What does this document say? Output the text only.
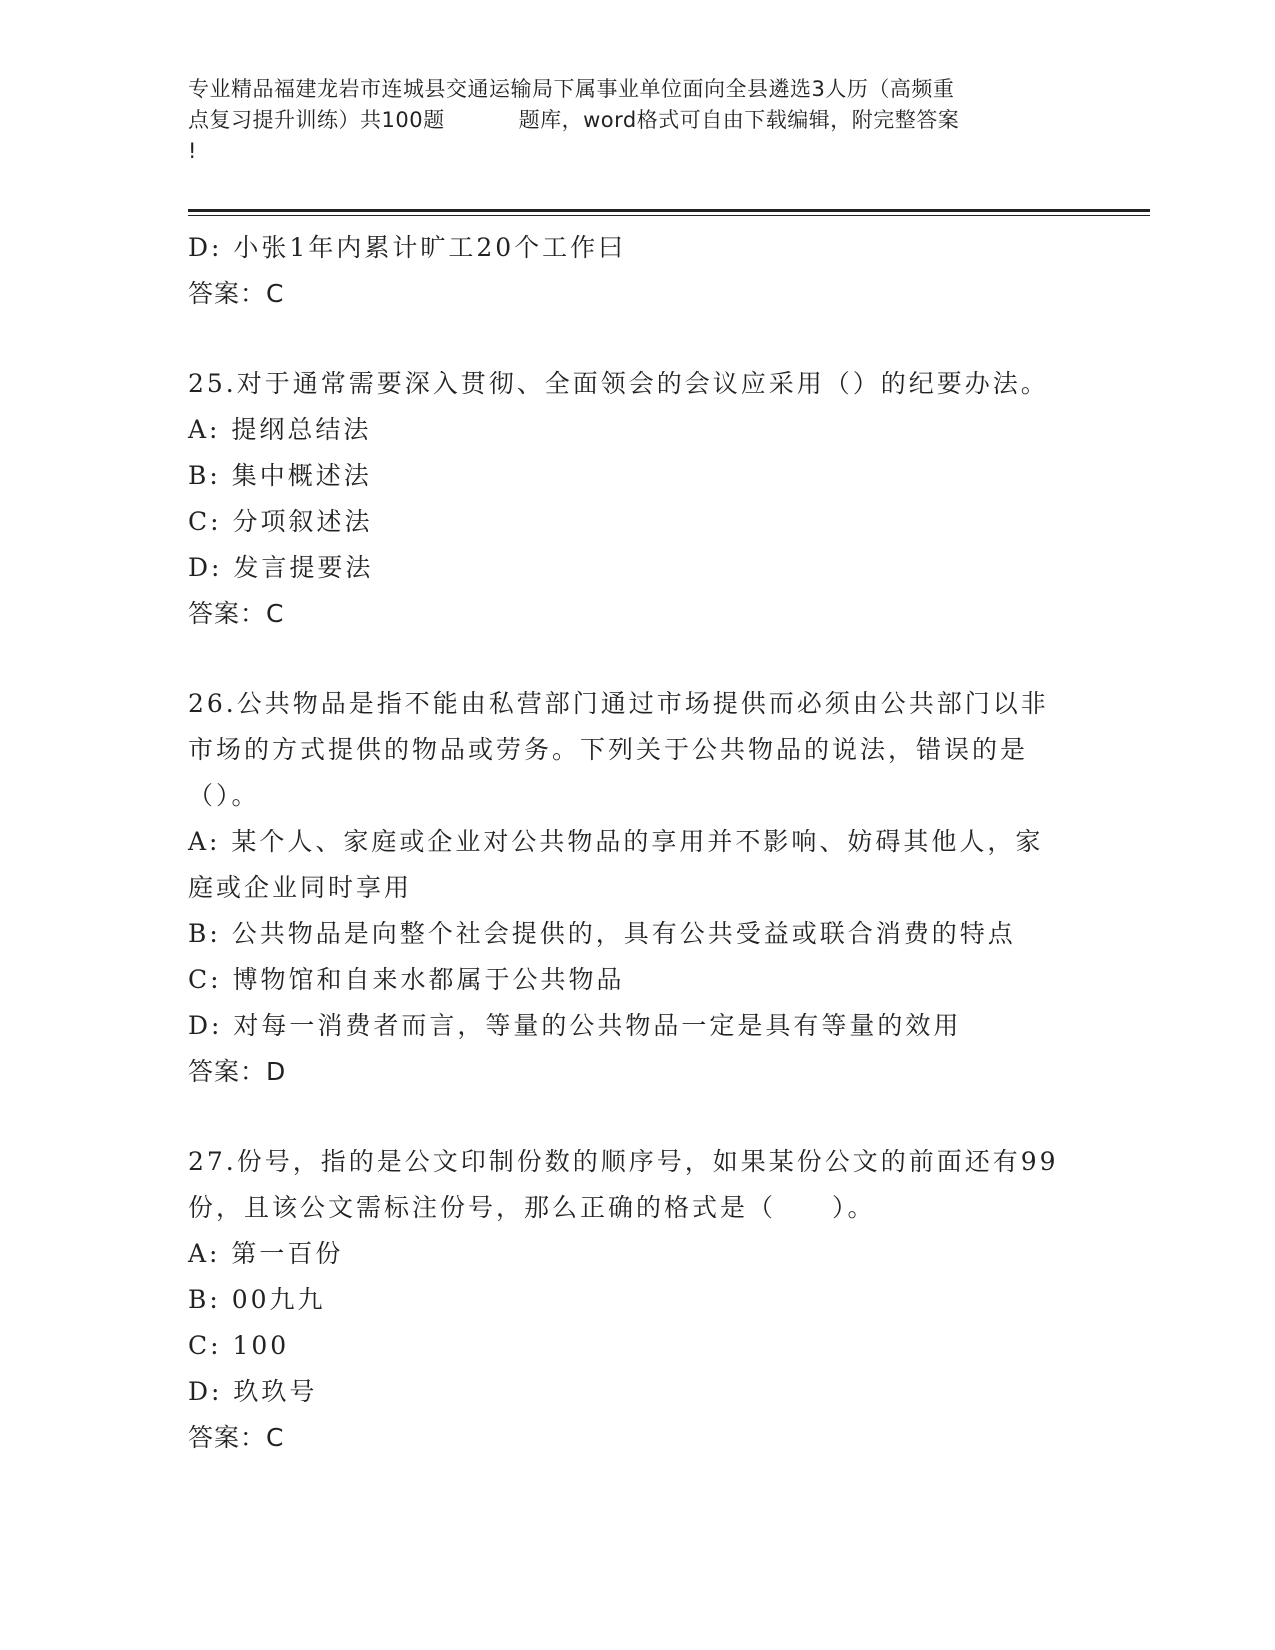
专业精品福建龙岩市连城县交通运输局下属事业单位面向全县遴选3人历（高频重
点复习提升训练）共100题	题库，word格式可自由下载编辑，附完整答案
!
D: 小张1年内累计旷工20个工作曰
答案：C
25.对于通常需要深入贯彻、全面领会的会议应采用（）的纪要办法。
A: 提纲总结法
B: 集中概述法
C: 分项叙述法
D: 发言提要法
答案：C
26.公共物品是指不能由私营部门通过市场提供而必须由公共部门以非
市场的方式提供的物品或劳务。下列关于公共物品的说法，错误的是
（）。
A: 某个人、家庭或企业对公共物品的享用并不影响、妨碍其他人，家
庭或企业同时享用
B: 公共物品是向整个社会提供的，具有公共受益或联合消费的特点
C: 博物馆和自来水都属于公共物品
D: 对每一消费者而言，等量的公共物品一定是具有等量的效用
答案：D
27.份号，指的是公文印制份数的顺序号，如果某份公文的前面还有99
份，且该公文需标注份号，那么正确的格式是（　　）。
A: 第一百份
B: 00九九
C: 100
D: 玖玖号
答案：C
